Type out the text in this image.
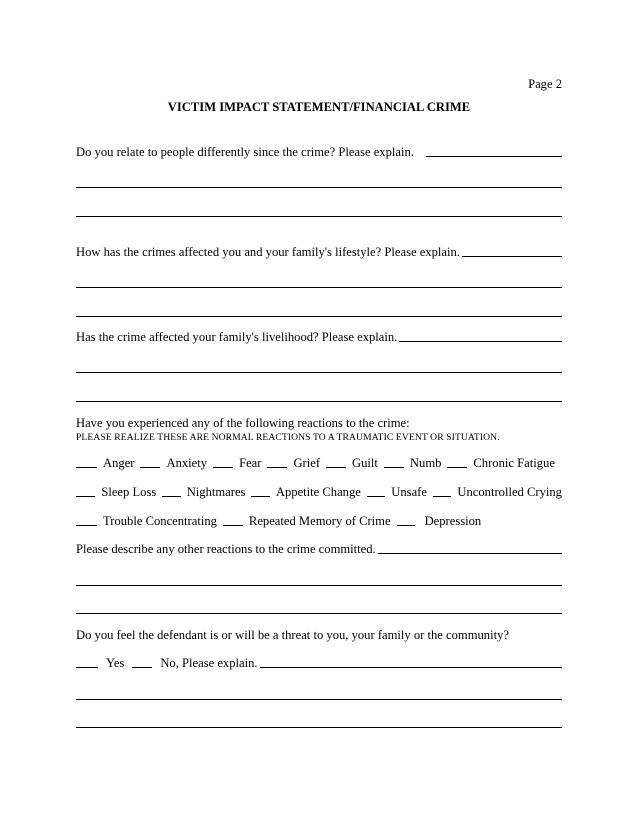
Page 2
VICTIM IMPACT STATEMENT/FINANCIAL CRIME
Do you relate to people differently since the crime? Please explain.
How has the crimes affected you and your family's lifestyle? Please explain.
Has the crime affected your family's livelihood? Please explain.
Have you experienced any of the following reactions to the crime:
PLEASE REALIZE THESE ARE NORMAL REACTIONS TO A TRAUMATIC EVENT OR SITUATION.
Anger	Anxiety	Fear	Grief	Guilt	Numb	Chronic Fatigue
Sleep Loss Nightmares Appetite Change Unsafe Uncontrolled Crying
Trouble Concentrating	Repeated Memory of Crime	Depression
Please describe any other reactions to the crime committed.
Do you feel the defendant is or will be a threat to you, your family or the community?
Yes	No, Please explain.
